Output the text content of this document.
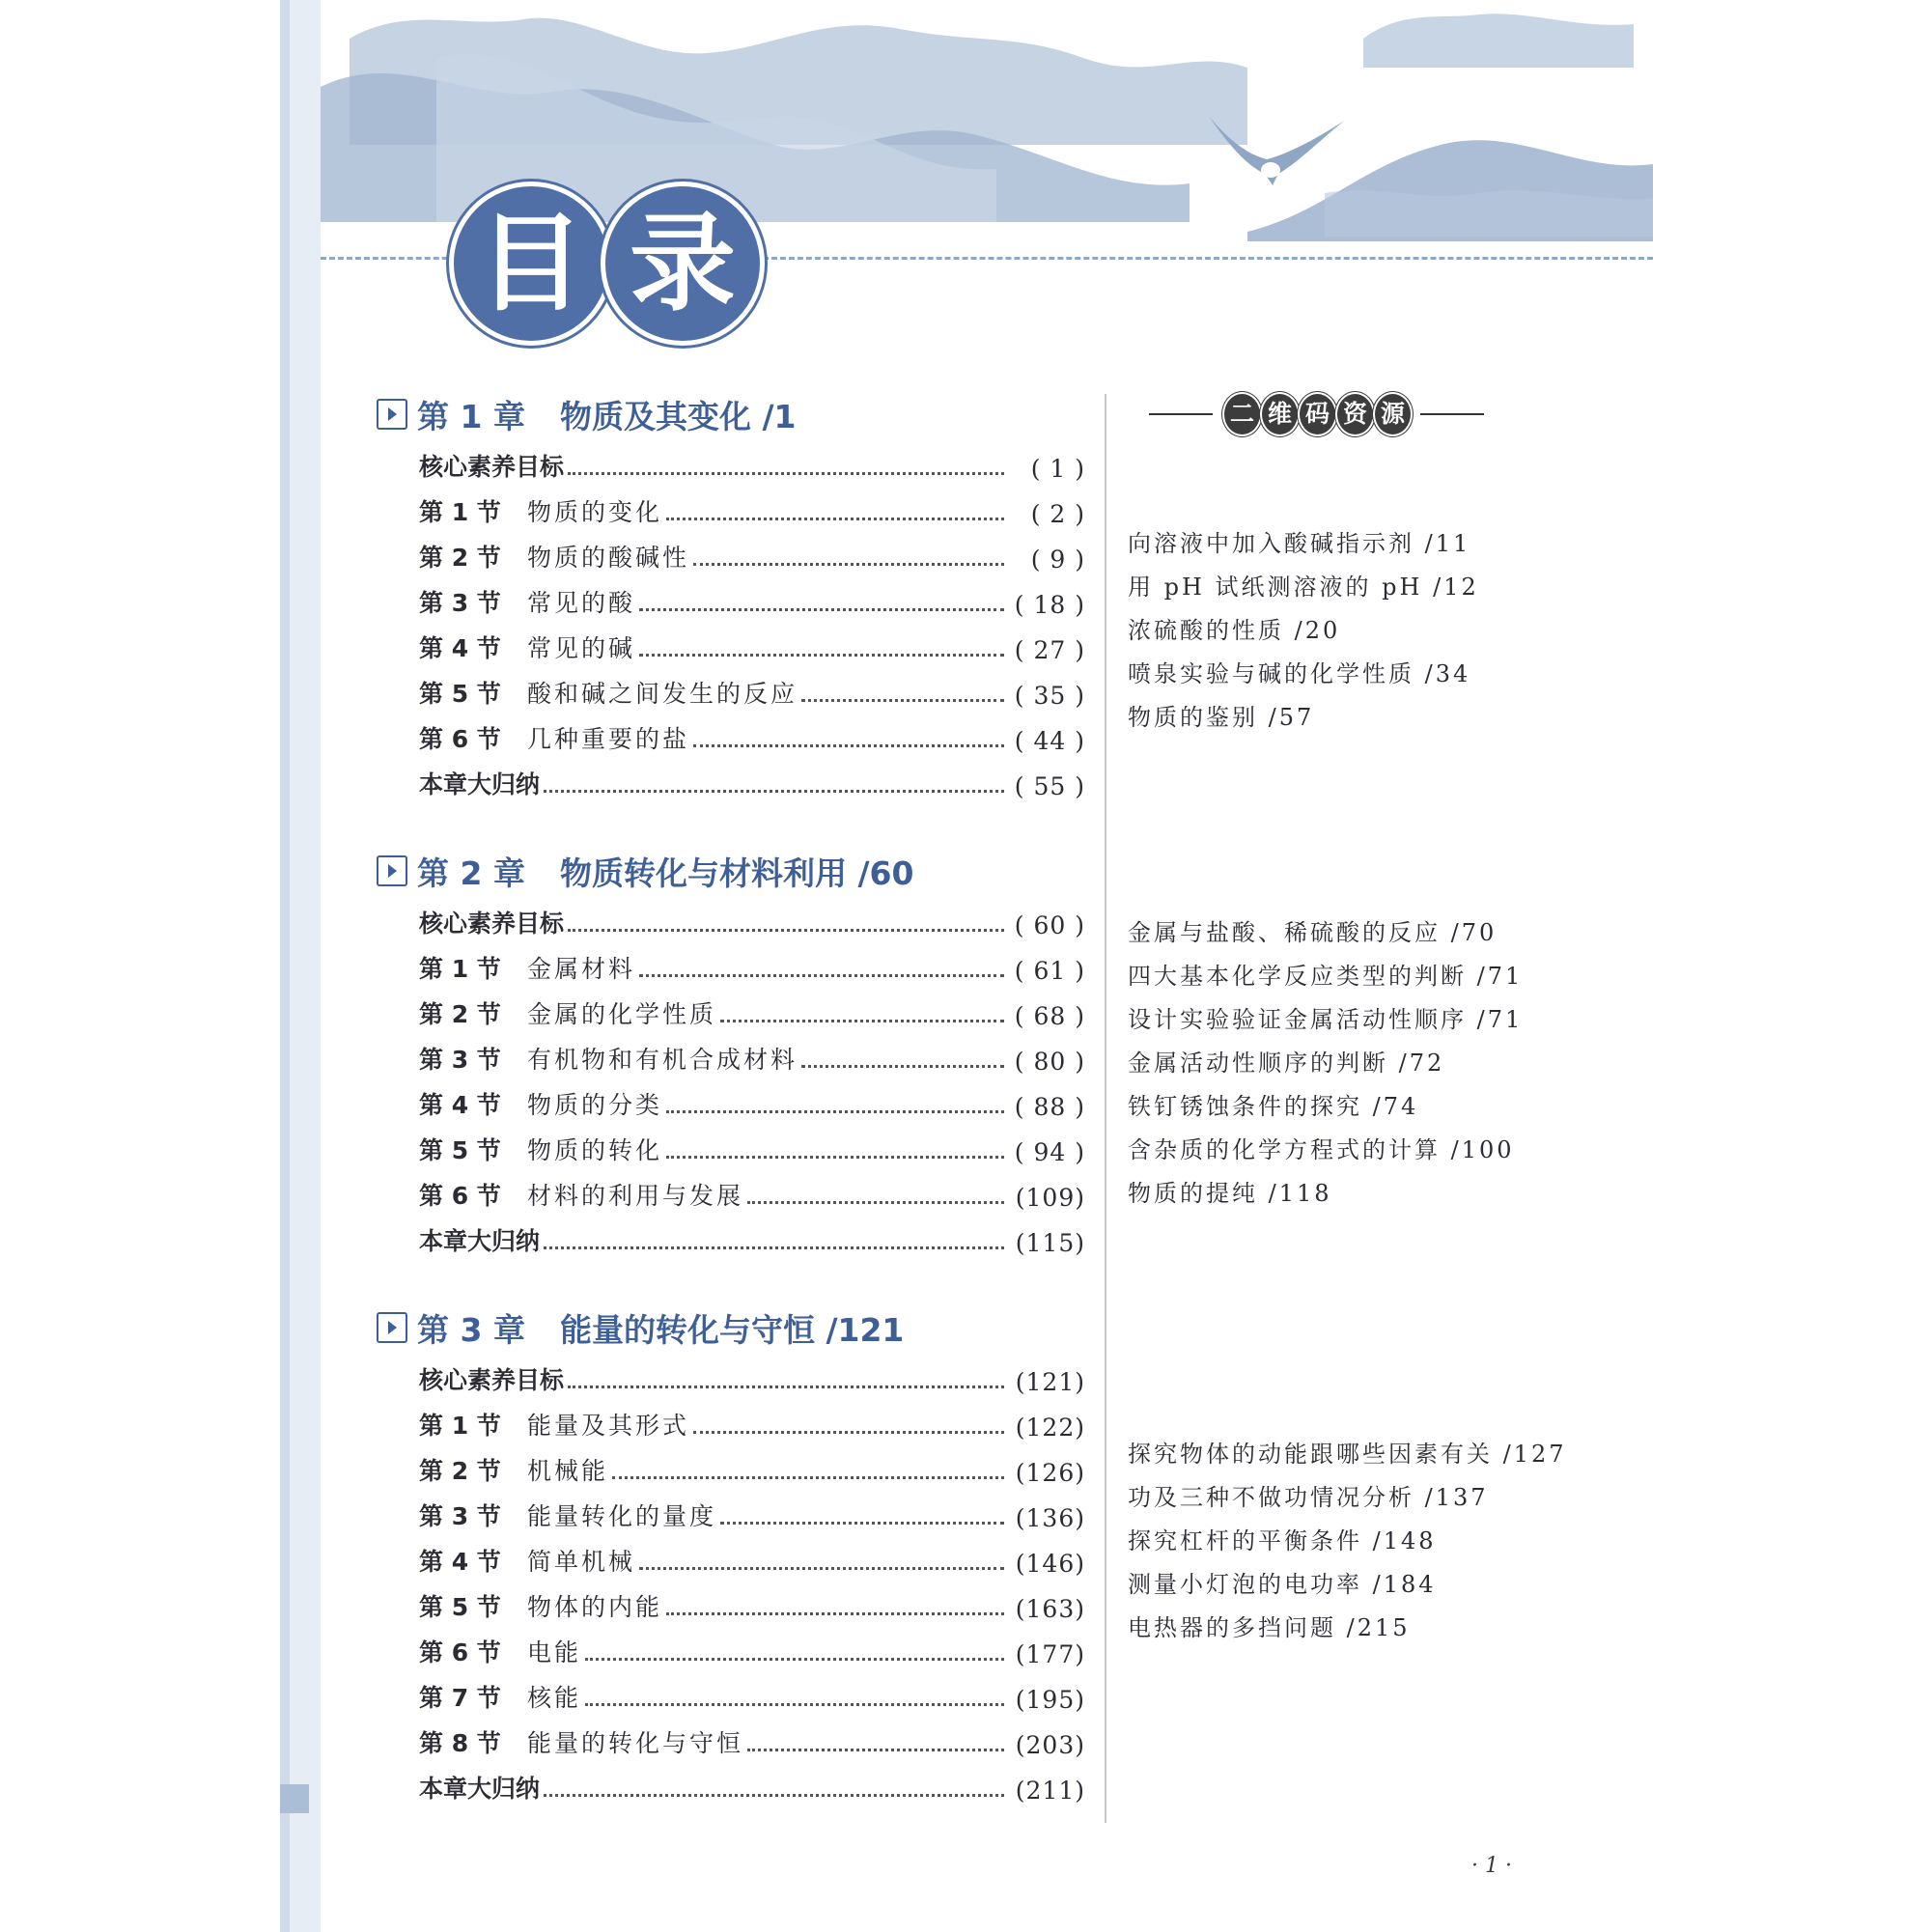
目 录
第 1 章 物质及其变化 /1
核心素养目标	( 1 )
第 1 节	物质的变化	( 2 )
第 2 节	物质的酸碱性	( 9 )
第 3 节	常见的酸	( 18 )
第 4 节	常见的碱	( 27 )
第 5 节	酸和碱之间发生的反应	( 35 )
第 6 节	几种重要的盐	( 44 )
本章大归纳	( 55 )
第 2 章 物质转化与材料利用 /60
核心素养目标	( 60 )
第 1 节	金属材料	( 61 )
第 2 节	金属的化学性质	( 68 )
第 3 节	有机物和有机合成材料	( 80 )
第 4 节	物质的分类	( 88 )
第 5 节	物质的转化	( 94 )
第 6 节	材料的利用与发展	(109)
本章大归纳	(115)
第 3 章 能量的转化与守恒 /121
核心素养目标	(121)
第 1 节	能量及其形式	(122)
第 2 节	机械能	(126)
第 3 节	能量转化的量度	(136)
第 4 节	简单机械	(146)
第 5 节	物体的内能	(163)
第 6 节	电能	(177)
第 7 节	核能	(195)
第 8 节	能量的转化与守恒	(203)
本章大归纳	(211)
二 维 码 资 源
向溶液中加入酸碱指示剂 /11
用 pH 试纸测溶液的 pH /12
浓硫酸的性质 /20
喷泉实验与碱的化学性质 /34
物质的鉴别 /57
金属与盐酸、稀硫酸的反应 /70
四大基本化学反应类型的判断 /71
设计实验验证金属活动性顺序 /71
金属活动性顺序的判断 /72
铁钉锈蚀条件的探究 /74
含杂质的化学方程式的计算 /100
物质的提纯 /118
探究物体的动能跟哪些因素有关 /127
功及三种不做功情况分析 /137
探究杠杆的平衡条件 /148
测量小灯泡的电功率 /184
电热器的多挡问题 /215
· 1 ·
